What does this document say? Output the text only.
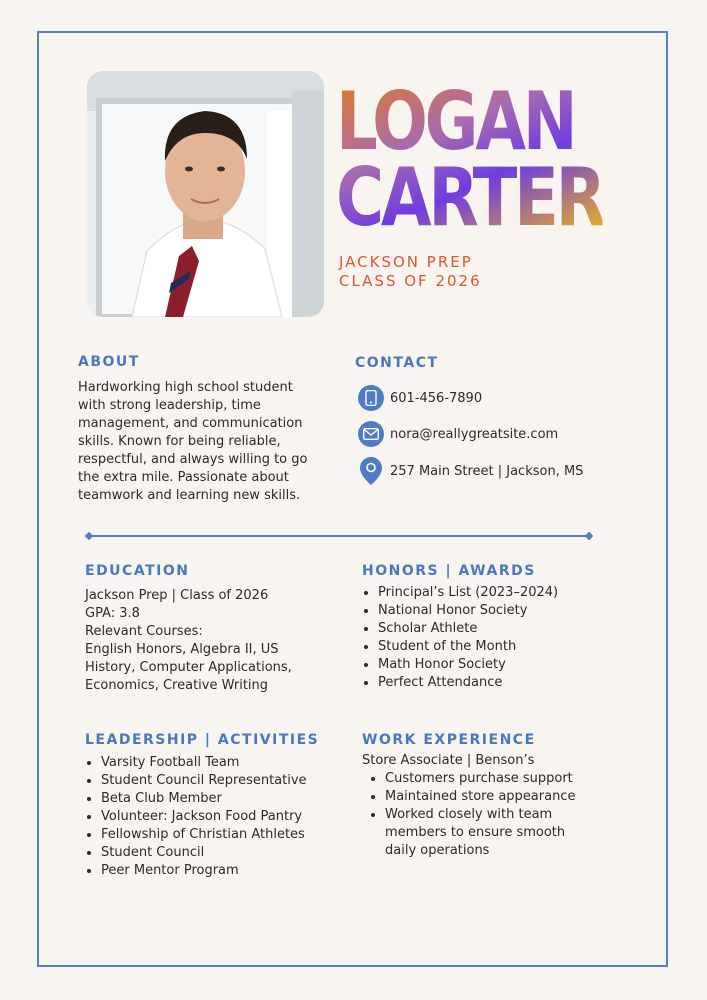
LOGAN
CARTER
JACKSON PREP
CLASS OF 2026
ABOUT
Hardworking high school student
with strong leadership, time
management, and communication
skills. Known for being reliable,
respectful, and always willing to go
the extra mile. Passionate about
teamwork and learning new skills.
CONTACT
601-456-7890
nora@reallygreatsite.com
257 Main Street | Jackson, MS
EDUCATION
Jackson Prep | Class of 2026
GPA: 3.8
Relevant Courses:
English Honors, Algebra II, US
History, Computer Applications,
Economics, Creative Writing
HONORS | AWARDS
• Principal’s List (2023–2024)
• National Honor Society
• Scholar Athlete
• Student of the Month
• Math Honor Society
• Perfect Attendance
LEADERSHIP | ACTIVITIES
• Varsity Football Team
• Student Council Representative
• Beta Club Member
• Volunteer: Jackson Food Pantry
• Fellowship of Christian Athletes
• Student Council
• Peer Mentor Program
WORK EXPERIENCE
Store Associate | Benson’s
• Customers purchase support
• Maintained store appearance
• Worked closely with team members to ensure smooth daily operations
